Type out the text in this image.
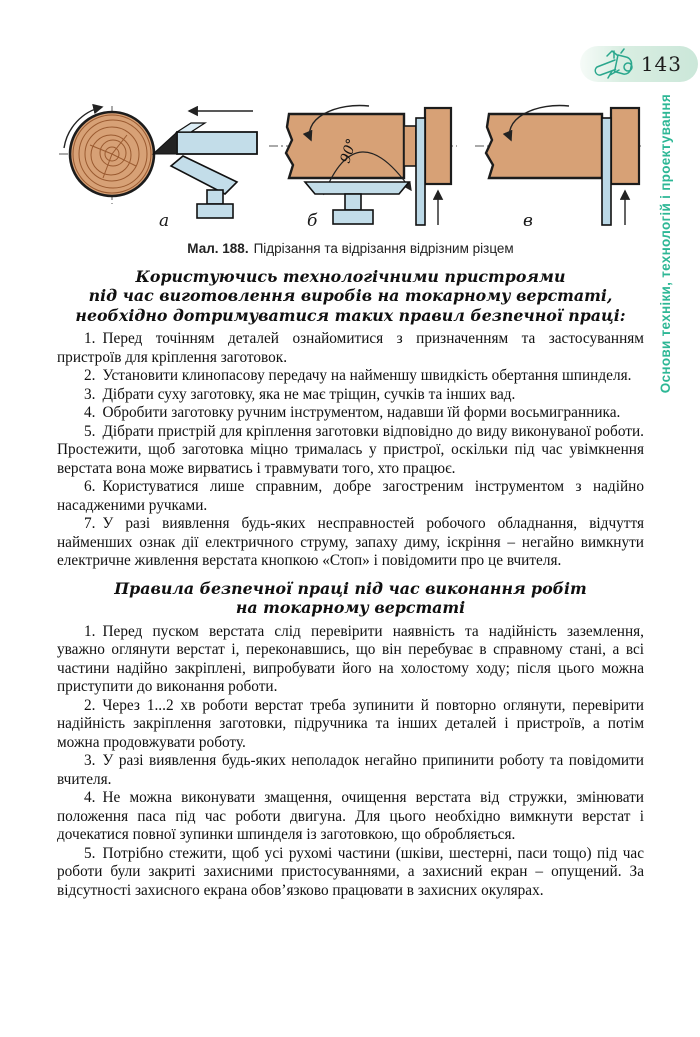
143
Основи техніки, технологій і проектування
а
90°
б	в
Мал. 188. Підрізання та відрізання відрізним різцем
Користуючись технологічними пристроями
під час виготовлення виробів на токарному верстаті,
необхідно дотримуватися таких правил безпечної праці:

1. Перед точінням деталей ознайомитися з призначенням та застосуванням пристроїв для кріплення заготовок.

2. Установити клинопасову передачу на найменшу швидкість обертання шпинделя.

3. Дібрати суху заготовку, яка не має тріщин, сучків та інших вад.

4. Обробити заготовку ручним інструментом, надавши їй форми восьмигранника.

5. Дібрати пристрій для кріплення заготовки відповідно до виду виконуваної роботи. Простежити, щоб заготовка міцно трималась у пристрої, оскільки під час увімкнення верстата вона може вирватись і травмувати того, хто працює.

6. Користуватися лише справним, добре загостреним інструментом з надійно насадженими ручками.

7. У разі виявлення будь-яких несправностей робочого обладнання, відчуття найменших ознак дії електричного струму, запаху диму, іскріння – негайно вимкнути електричне живлення верстата кнопкою «Стоп» і повідомити про це вчителя.

Правила безпечної праці під час виконання робіт
на токарному верстаті

1. Перед пуском верстата слід перевірити наявність та надійність заземлення, уважно оглянути верстат і, переконавшись, що він перебуває в справному стані, а всі частини надійно закріплені, випробувати його на холостому ходу; після цього можна приступити до виконання роботи.

2. Через 1...2 хв роботи верстат треба зупинити й повторно оглянути, перевірити надійність закріплення заготовки, підручника та інших деталей і пристроїв, а потім можна продовжувати роботу.

3. У разі виявлення будь-яких неполадок негайно припинити роботу та повідомити вчителя.

4. Не можна виконувати змащення, очищення верстата від стружки, змінювати положення паса під час роботи двигуна. Для цього необхідно вимкнути верстат і дочекатися повної зупинки шпинделя із заготовкою, що обробляється.

5. Потрібно стежити, щоб усі рухомі частини (шківи, шестерні, паси тощо) під час роботи були закриті захисними пристосуваннями, а захисний екран – опущений. За відсутності захисного екрана обов’язково працювати в захисних окулярах.
